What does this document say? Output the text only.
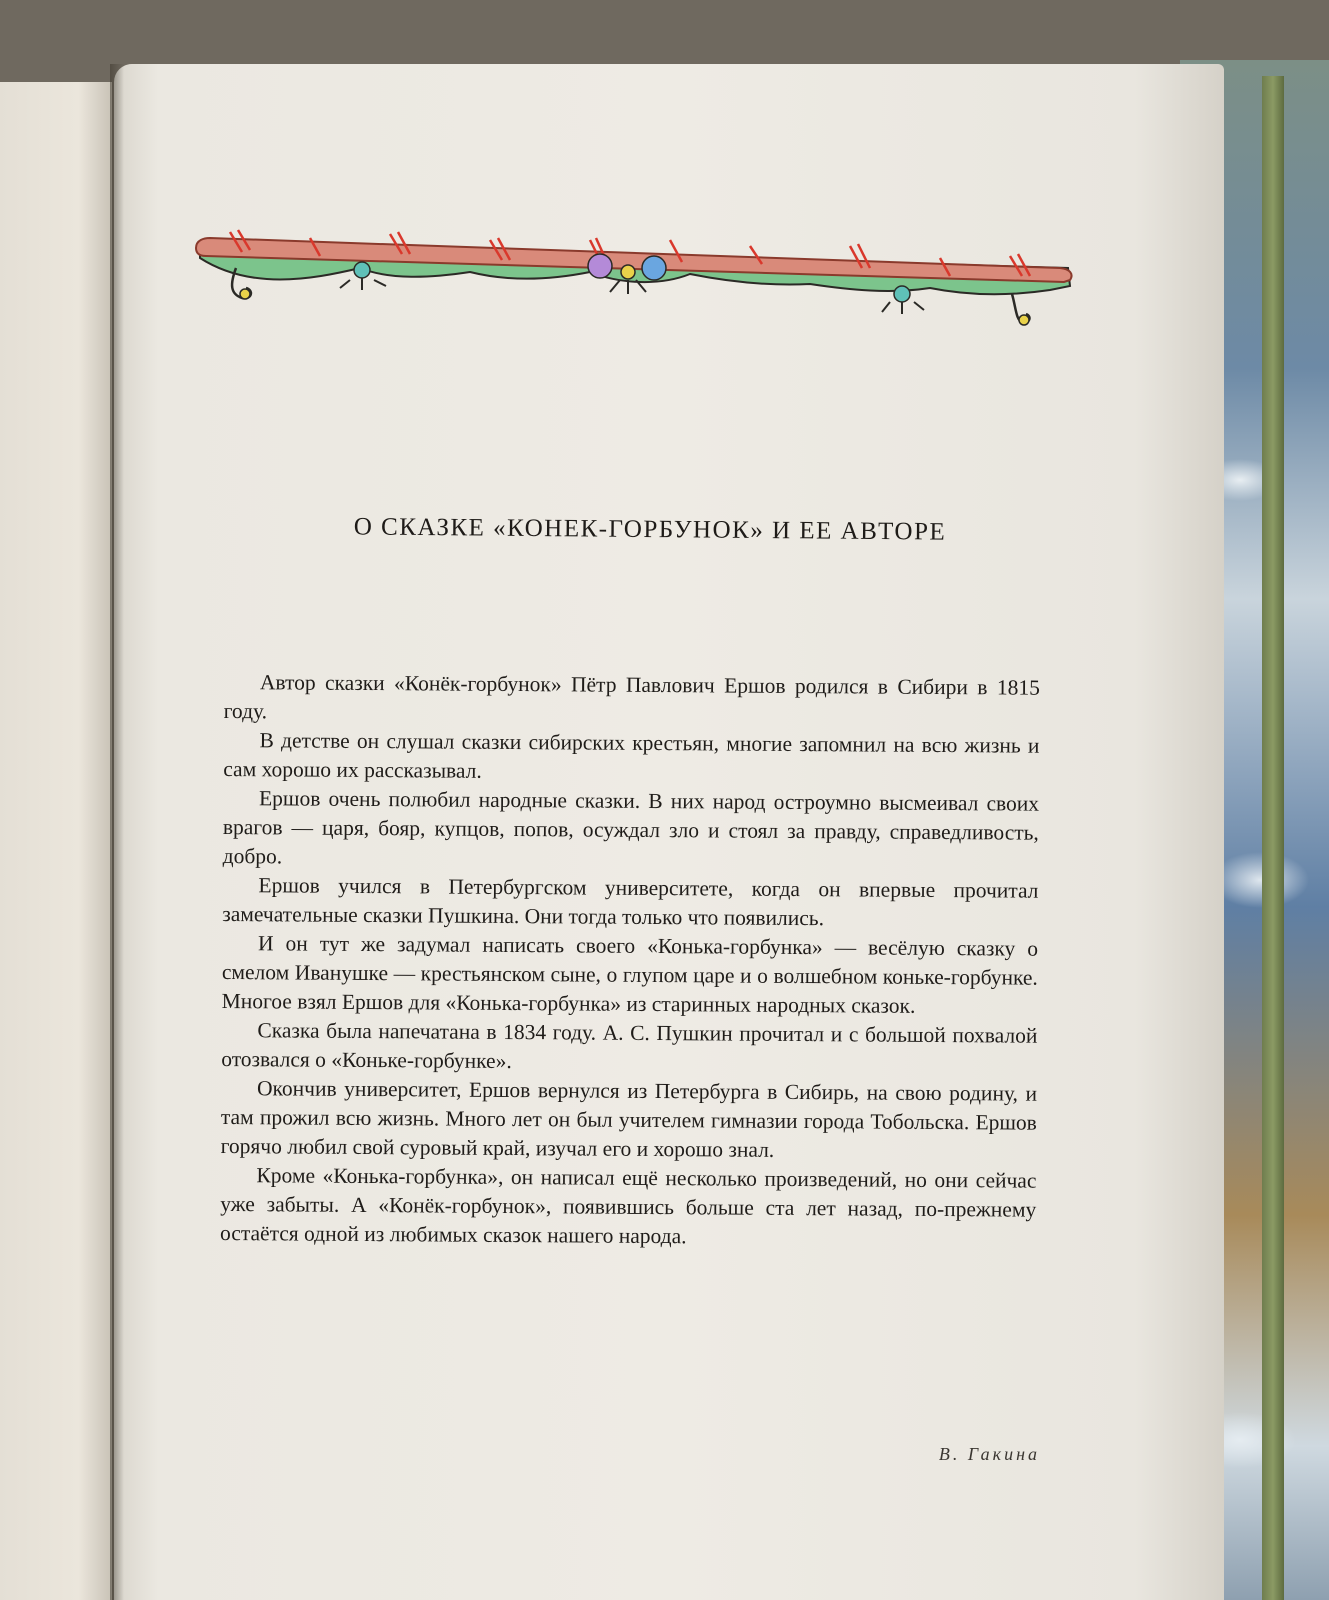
О СКАЗКЕ «КОНЕК-ГОРБУНОК» И ЕЕ АВТОРЕ

Автор сказки «Конёк-горбунок» Пётр Павлович Ершов родился в Сибири в 1815 году.

В детстве он слушал сказки сибирских крестьян, многие запомнил на всю жизнь и сам хорошо их рассказывал.

Ершов очень полюбил народные сказки. В них народ остроумно высмеивал своих врагов — царя, бояр, купцов, попов, осуждал зло и стоял за правду, справедливость, добро.

Ершов учился в Петербургском университете, когда он впервые прочитал замечательные сказки Пушкина. Они тогда только что появились.

И он тут же задумал написать своего «Конька-горбунка» — весёлую сказку о смелом Иванушке — крестьянском сыне, о глупом царе и о волшебном коньке-горбунке. Многое взял Ершов для «Конька-горбунка» из старинных народных сказок.

Сказка была напечатана в 1834 году. А. С. Пушкин прочитал и с большой похвалой отозвался о «Коньке-горбунке».

Окончив университет, Ершов вернулся из Петербурга в Сибирь, на свою родину, и там прожил всю жизнь. Много лет он был учителем гимназии города Тобольска. Ершов горячо любил свой суровый край, изучал его и хорошо знал.

Кроме «Конька-горбунка», он написал ещё несколько произведений, но они сейчас уже забыты. А «Конёк-горбунок», появившись больше ста лет назад, по-прежнему остаётся одной из любимых сказок нашего народа.

В. Гакина
